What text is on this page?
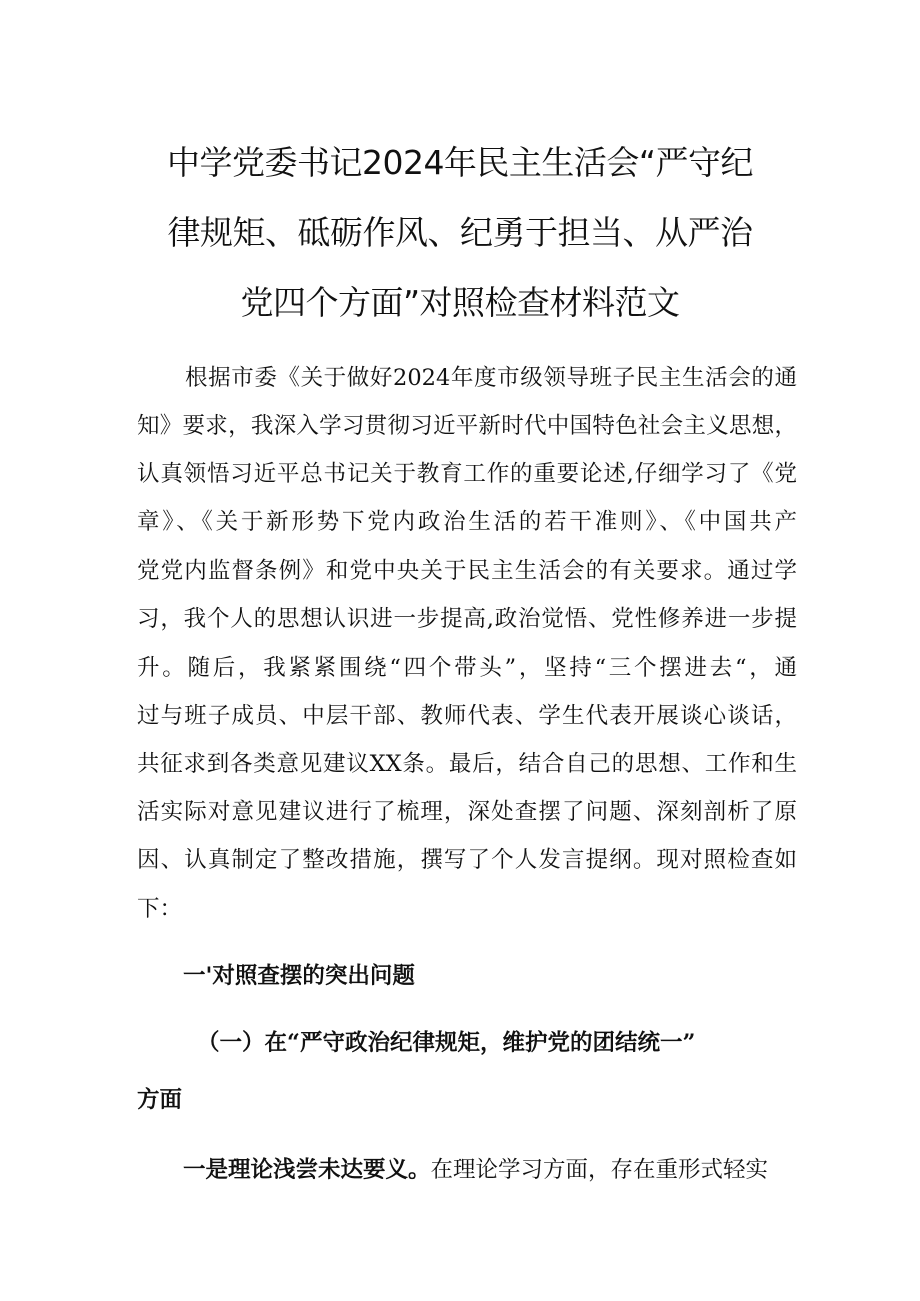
中学党委书记2024年民主生活会“严守纪
律规矩、砥砺作风、纪勇于担当、从严治
党四个方面”对照检查材料范文
根据市委《关于做好2024年度市级领导班子民主生活会的通
知》要求，我深入学习贯彻习近平新时代中国特色社会主义思想，
认真领悟习近平总书记关于教育工作的重要论述,仔细学习了《党
章》、《关于新形势下党内政治生活的若干准则》、《中国共产
党党内监督条例》和党中央关于民主生活会的有关要求。通过学
习，我个人的思想认识进一步提高,政治觉悟、党性修养进一步提
升。随后，我紧紧围绕“四个带头”，坚持“三个摆进去“，通
过与班子成员、中层干部、教师代表、学生代表开展谈心谈话，
共征求到各类意见建议XX条。最后，结合自己的思想、工作和生
活实际对意见建议进行了梳理，深处查摆了问题、深刻剖析了原
因、认真制定了整改措施，撰写了个人发言提纲。现对照检查如
下：
一'对照查摆的突出问题
（一）在“严守政治纪律规矩，维护党的团结统一”
方面
一是理论浅尝未达要义。在理论学习方面，存在重形式轻实
